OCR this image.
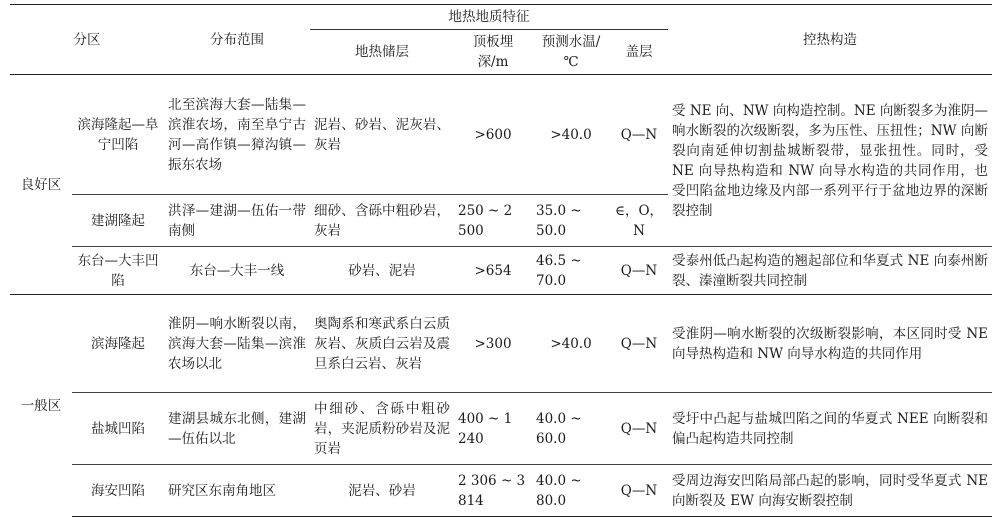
分区		分布范围	地热地质特征				控热构造
			地热储层	顶板埋深/m	预测水温/℃	盖层	
良好区	滨海隆起—阜宁凹陷	北至滨海大套—陆集—滨淮农场，南至阜宁古河—高作镇—獐沟镇—振东农场	泥岩、砂岩、泥灰岩、灰岩	>600	>40.0	Q—N	受 NE 向、NW 向构造控制。NE 向断裂多为淮阴—响水断裂的次级断裂，多为压性、压扭性；NW 向断裂向南延伸切割盐城断裂带，显张扭性。同时，受 NE 向导热构造和 NW 向导水构造的共同作用，也受凹陷盆地边缘及内部一系列平行于盆地边界的深断裂控制
	建湖隆起	洪泽—建湖—伍佑一带南侧	细砂、含砾中粗砂岩，灰岩	250 ~ 2 500	35.0 ~ 50.0	∈，O，N	
	东台—大丰凹陷	东台—大丰一线	砂岩、泥岩	>654	46.5 ~ 70.0	Q—N	受泰州低凸起构造的翘起部位和华夏式 NE 向泰州断裂、溱潼断裂共同控制
一般区	滨海隆起	淮阴—响水断裂以南，滨海大套—陆集—滨淮农场以北	奥陶系和寒武系白云质灰岩、灰质白云岩及震旦系白云岩、灰岩	>300	>40.0	Q—N	受淮阴—响水断裂的次级断裂影响，本区同时受 NE 向导热构造和 NW 向导水构造的共同作用
	盐城凹陷	建湖县城东北侧，建湖—伍佑以北	中细砂、含砾中粗砂岩，夹泥质粉砂岩及泥页岩	400 ~ 1 240	40.0 ~ 60.0	Q—N	受圩中凸起与盐城凹陷之间的华夏式 NEE 向断裂和偏凸起构造共同控制
	海安凹陷	研究区东南角地区	泥岩、砂岩	2 306 ~ 3 814	40.0 ~ 80.0	Q—N	受周边海安凹陷局部凸起的影响，同时受华夏式 NE 向断裂及 EW 向海安断裂控制
